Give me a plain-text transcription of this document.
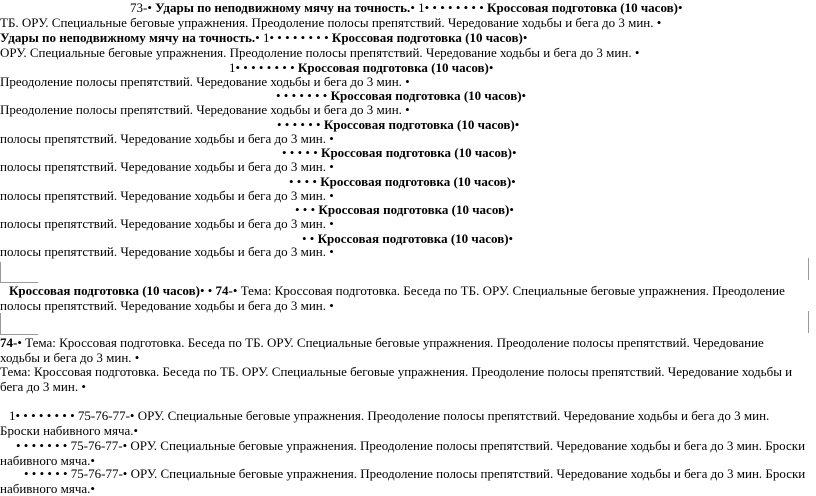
73-• Удары по неподвижному мячу на точность.• 1• • • • • • • • Кроссовая подготовка (10 часов)•
ТБ. ОРУ. Специальные беговые упражнения. Преодоление полосы препятствий. Чередование ходьбы и бега до 3 мин. •
Удары по неподвижному мячу на точность.• 1• • • • • • • • Кроссовая подготовка (10 часов)•
ОРУ. Специальные беговые упражнения. Преодоление полосы препятствий. Чередование ходьбы и бега до 3 мин. •
1• • • • • • • • Кроссовая подготовка (10 часов)•
Преодоление полосы препятствий. Чередование ходьбы и бега до 3 мин. •
• • • • • • • Кроссовая подготовка (10 часов)•
Преодоление полосы препятствий. Чередование ходьбы и бега до 3 мин. •
• • • • • • Кроссовая подготовка (10 часов)•
полосы препятствий. Чередование ходьбы и бега до 3 мин. •
• • • • • Кроссовая подготовка (10 часов)•
полосы препятствий. Чередование ходьбы и бега до 3 мин. •
• • • • Кроссовая подготовка (10 часов)•
полосы препятствий. Чередование ходьбы и бега до 3 мин. •
• • • Кроссовая подготовка (10 часов)•
полосы препятствий. Чередование ходьбы и бега до 3 мин. •
• • Кроссовая подготовка (10 часов)•
полосы препятствий. Чередование ходьбы и бега до 3 мин. •
Кроссовая подготовка (10 часов)• • 74-• Тема: Кроссовая подготовка. Беседа по ТБ. ОРУ. Специальные беговые упражнения. Преодоление полосы препятствий. Чередование ходьбы и бега до 3 мин. •
74-• Тема: Кроссовая подготовка. Беседа по ТБ. ОРУ. Специальные беговые упражнения. Преодоление полосы препятствий. Чередование ходьбы и бега до 3 мин. •
Тема: Кроссовая подготовка. Беседа по ТБ. ОРУ. Специальные беговые упражнения. Преодоление полосы препятствий. Чередование ходьбы и бега до 3 мин. •
1• • • • • • • • 75-76-77-• ОРУ. Специальные беговые упражнения. Преодоление полосы препятствий. Чередование ходьбы и бега до 3 мин. Броски набивного мяча.•
• • • • • • • 75-76-77-• ОРУ. Специальные беговые упражнения. Преодоление полосы препятствий. Чередование ходьбы и бега до 3 мин. Броски набивного мяча.•
• • • • • • 75-76-77-• ОРУ. Специальные беговые упражнения. Преодоление полосы препятствий. Чередование ходьбы и бега до 3 мин. Броски набивного мяча.•
